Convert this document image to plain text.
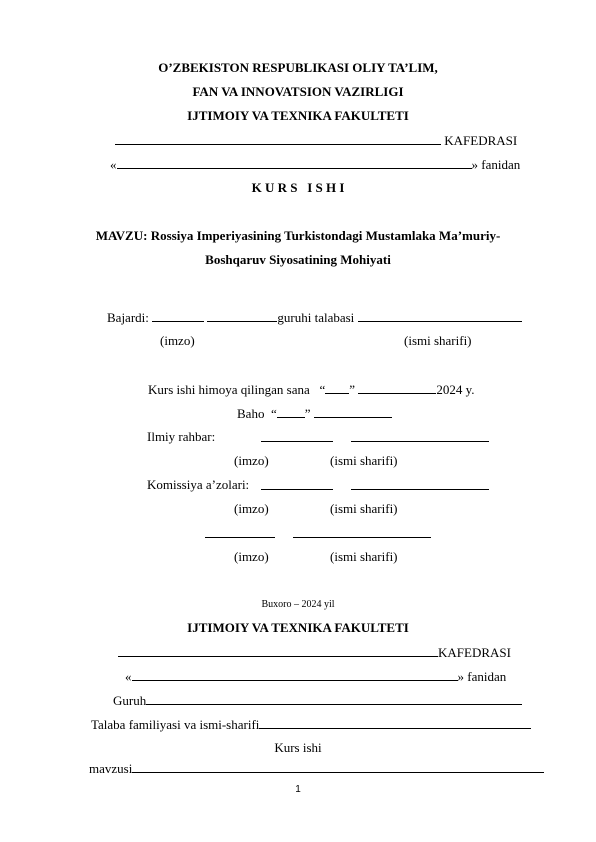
O’ZBEKISTON RESPUBLIKASI OLIY TA’LIM,
FAN VA INNOVATSION VAZIRLIGI
IJTIMOIY VA TEXNIKA FAKULTETI
KAFEDRASI
«	» fanidan
K U R S   I S H I
MAVZU: Rossiya Imperiyasining Turkistondagi Mustamlaka Ma’muriy-
Boshqaruv Siyosatining Mohiyati
Bajardi:	guruhi talabasi
(imzo)	(ismi sharifi)
Kurs ishi himoya qilingan sana   “ ”	2024 y.
Baho  “ ”
Ilmiy rahbar:
(imzo)	(ismi sharifi)
Komissiya a’zolari:
(imzo)	(ismi sharifi)
(imzo)	(ismi sharifi)
Buxoro – 2024 yil
IJTIMOIY VA TEXNIKA FAKULTETI
KAFEDRASI
«	» fanidan
Guruh
Talaba familiyasi va ismi-sharifi
Kurs ishi
mavzusi
1
